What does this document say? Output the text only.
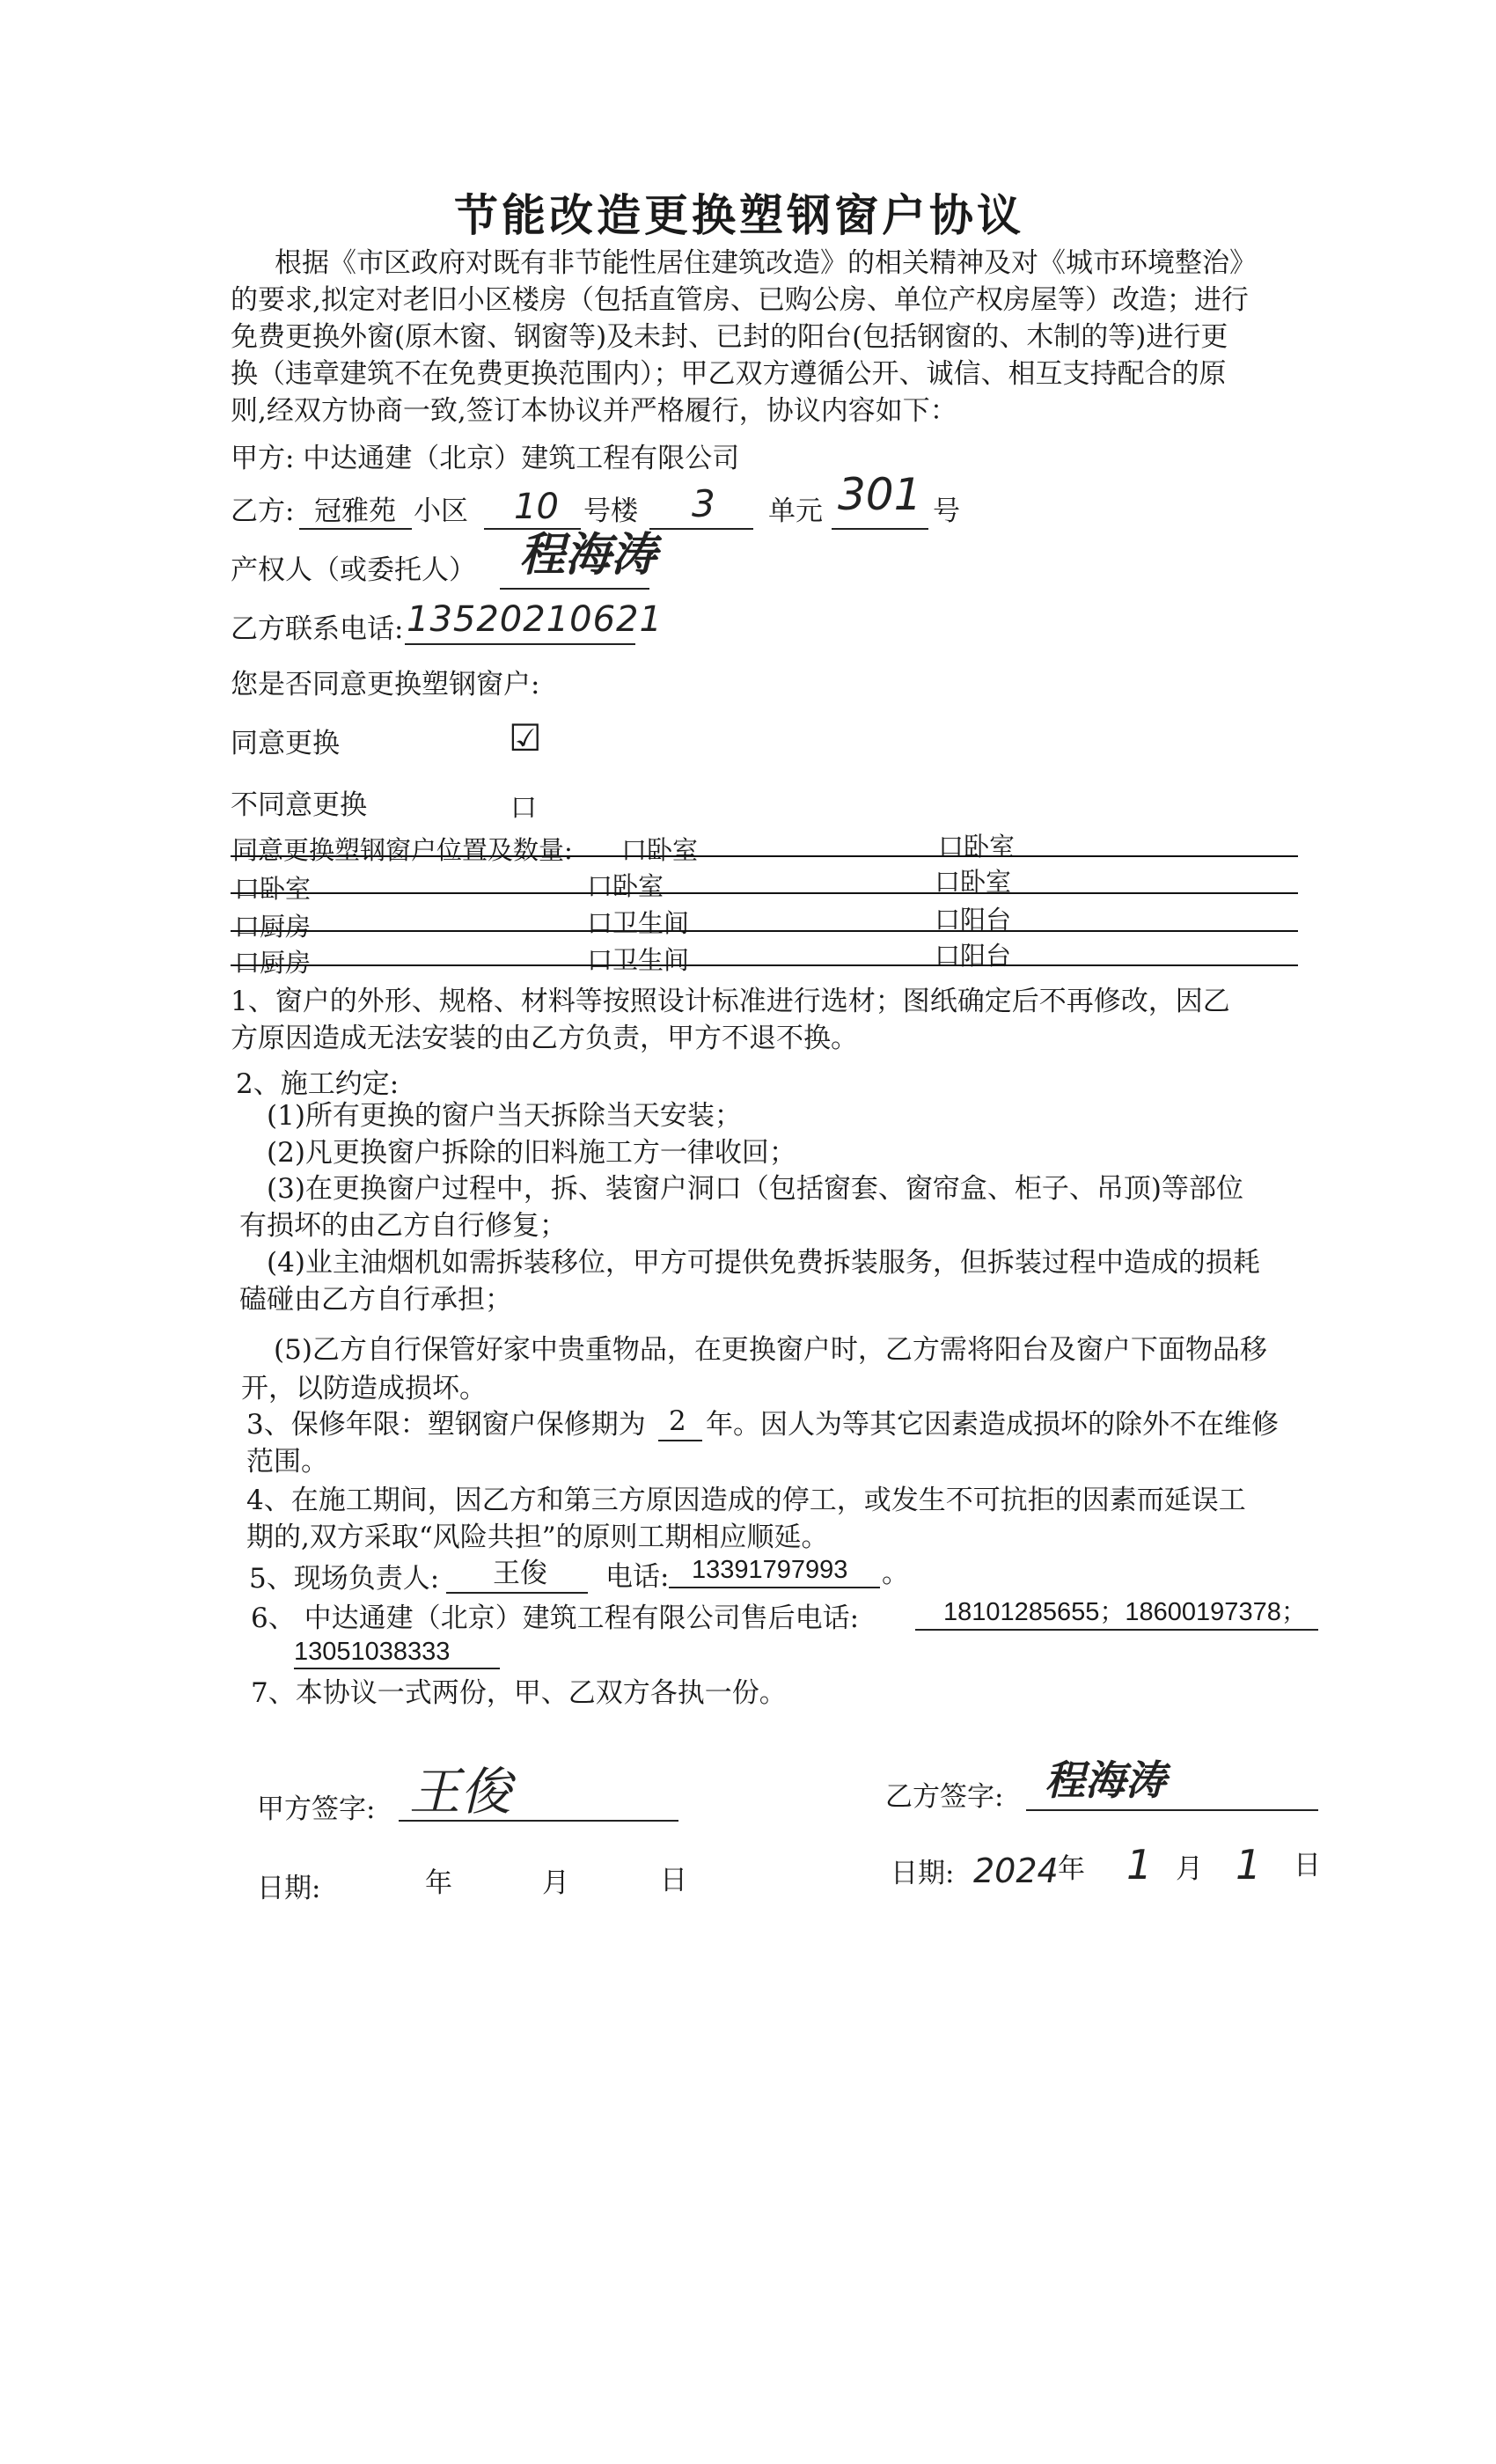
节能改造更换塑钢窗户协议
根据《市区政府对既有非节能性居住建筑改造》的相关精神及对《城市环境整治》
的要求,拟定对老旧小区楼房（包括直管房、已购公房、单位产权房屋等）改造；进行
免费更换外窗(原木窗、钢窗等)及未封、已封的阳台(包括钢窗的、木制的等)进行更
换（违章建筑不在免费更换范围内）；甲乙双方遵循公开、诚信、相互支持配合的原
则,经双方协商一致,签订本协议并严格履行，协议内容如下：
甲方: 中达通建（北京）建筑工程有限公司
乙方: 冠雅苑 小区 10 号楼 3 单元 301 号
产权人（或委托人） 程海涛
乙方联系电话: 13520210621
您是否同意更换塑钢窗户:
同意更换	☑
不同意更换	口
同意更换塑钢窗户位置及数量: 口卧室	口卧室
口卧室	口卧室	口卧室
口厨房	口卫生间	口阳台
口厨房	口卫生间	口阳台
1、窗户的外形、规格、材料等按照设计标准进行选材；图纸确定后不再修改，因乙
方原因造成无法安装的由乙方负责，甲方不退不换。
2、施工约定:
(1)所有更换的窗户当天拆除当天安装；
(2)凡更换窗户拆除的旧料施工方一律收回；
(3)在更换窗户过程中，拆、装窗户洞口（包括窗套、窗帘盒、柜子、吊顶)等部位
有损坏的由乙方自行修复；
(4)业主油烟机如需拆装移位，甲方可提供免费拆装服务，但拆装过程中造成的损耗
磕碰由乙方自行承担；
(5)乙方自行保管好家中贵重物品，在更换窗户时，乙方需将阳台及窗户下面物品移
开，以防造成损坏。
3、保修年限：塑钢窗户保修期为 2 年。因人为等其它因素造成损坏的除外不在维修
范围。
4、在施工期间，因乙方和第三方原因造成的停工，或发生不可抗拒的因素而延误工
期的,双方采取“风险共担”的原则工期相应顺延。
5、现场负责人: 王俊 电话: 13391797993 。
6、 中达通建（北京）建筑工程有限公司售后电话:	18101285655；18600197378；
13051038333
7、本协议一式两份，甲、乙双方各执一份。
甲方签字: 王俊	乙方签字: 程海涛
日期:	年	月	日	日期: 2024 年 1 月 1 日
